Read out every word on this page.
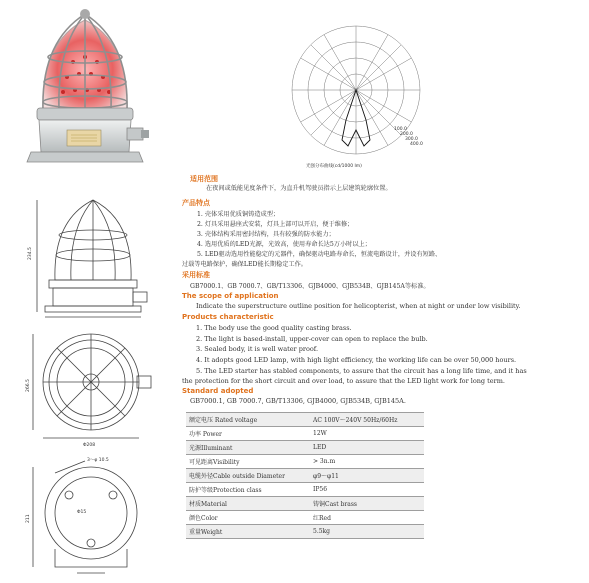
100.0
200.0
300.0
400.0
光强分布曲线(cd/1000 lm)
234.5
266.5
Φ208
3～φ 10.5
Φ15
211
适用范围
在夜间或低能见度条件下，为直升机驾驶员指示上层建筑轮廓位置。
产品特点
1. 壳体采用优质铜铸造成型；
2. 灯具采用悬座式安装，灯具上部可以开启，便于维修；
3. 壳体结构采用密封结构，具有较强的防水能力；
4. 选用优质的LED光源，光效高，使用寿命长达5万小时以上；
5. LED驱动选用性能稳定的元器件，确保驱动电路寿命长，恒流电路设计，并设有短路、
过载等电路保护，确保LED能长期稳定工作。
采用标准
GB7000.1、GB 7000.7、GB/T13306、GJB4000、GJB534B、GJB145A等标准。
The scope of application
Indicate the superstructure outline position for helicopterist, when at night or under low visibility.
Products characteristic
1. The body use the good quality casting brass.
2. The light is based-install, upper-cover can open to replace the bulb.
3. Sealed body, it is well water proof.
4. It adopts good LED lamp, with high light efficiency, the working life can be over 50,000 hours.
5. The LED starter has stabled components, to assure that the circuit has a long life time, and it has
the protection for the short circuit and over load, to assure that the LED light work for long term.
Standard adopted
GB7000.1, GB 7000.7, GB/T13306, GJB4000, GJB534B, GJB145A.
额定电压 Rated voltage	AC 100V～240V 50Hz/60Hz
功率 Power	12W
光源Illuminant	LED
可见距离Visibility	> 3n.m
电缆外径Cable outside Diameter	φ9～φ11
防护等级Protection class	IP56
材质Material	铸铜Cast brass
颜色Color	红Red
重量Weight	5.5kg
